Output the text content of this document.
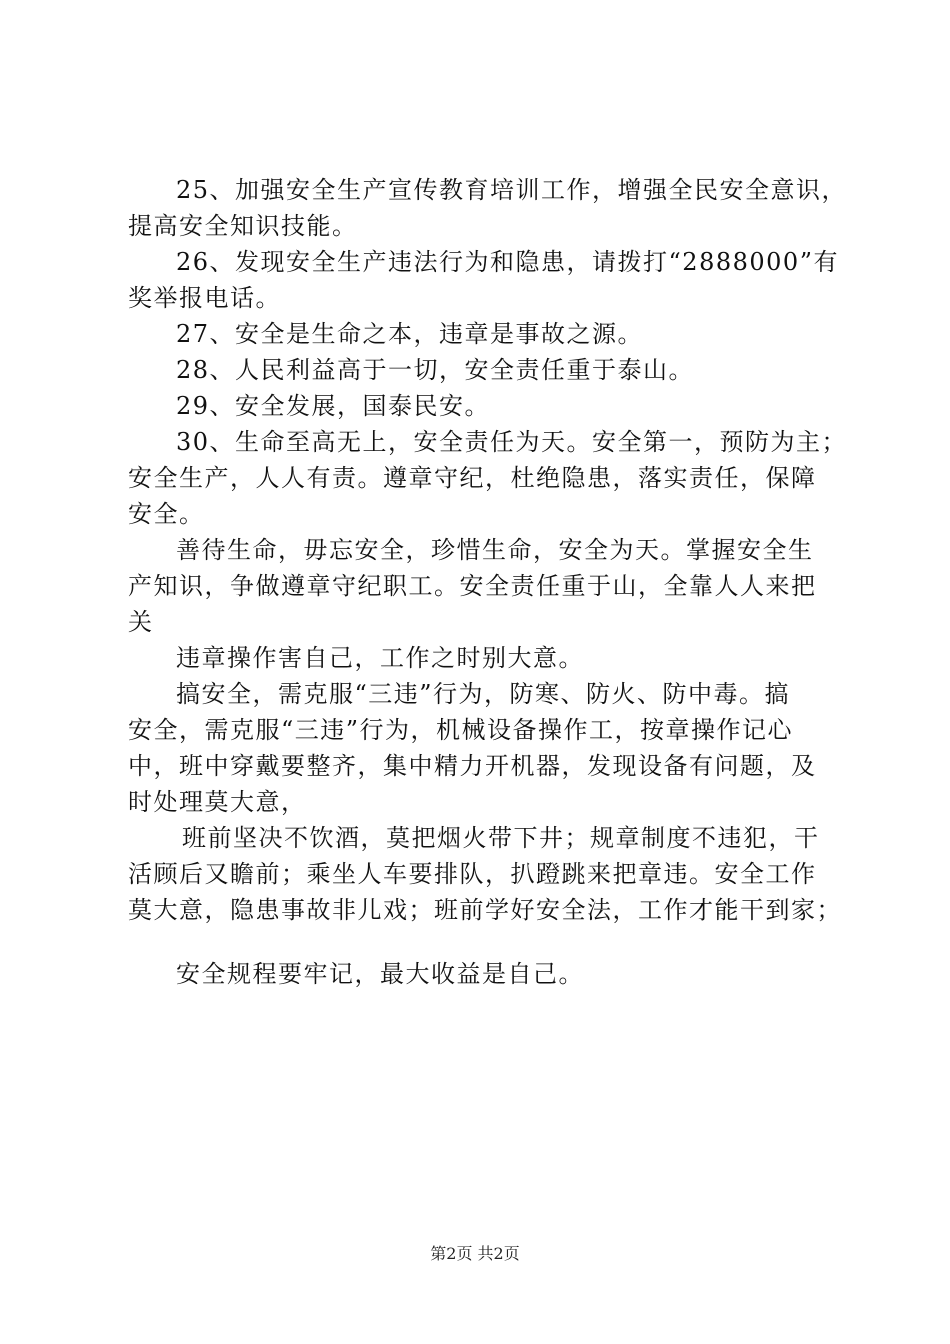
25、加强安全生产宣传教育培训工作，增强全民安全意识，
提高安全知识技能。

26、发现安全生产违法行为和隐患，请拨打“2888000”有
奖举报电话。

27、安全是生命之本，违章是事故之源。

28、人民利益高于一切，安全责任重于泰山。

29、安全发展，国泰民安。

30、生命至高无上，安全责任为天。安全第一，预防为主；
安全生产，人人有责。遵章守纪，杜绝隐患，落实责任，保障
安全。

善待生命，毋忘安全，珍惜生命，安全为天。掌握安全生
产知识，争做遵章守纪职工。安全责任重于山，全靠人人来把
关

违章操作害自己，工作之时别大意。

搞安全，需克服“三违”行为，防寒、防火、防中毒。搞
安全，需克服“三违”行为，机械设备操作工，按章操作记心
中，班中穿戴要整齐，集中精力开机器，发现设备有问题，及
时处理莫大意，

班前坚决不饮酒，莫把烟火带下井；规章制度不违犯，干
活顾后又瞻前；乘坐人车要排队，扒蹬跳来把章违。安全工作
莫大意，隐患事故非儿戏；班前学好安全法，工作才能干到家；

安全规程要牢记，最大收益是自己。

第2页 共2页
